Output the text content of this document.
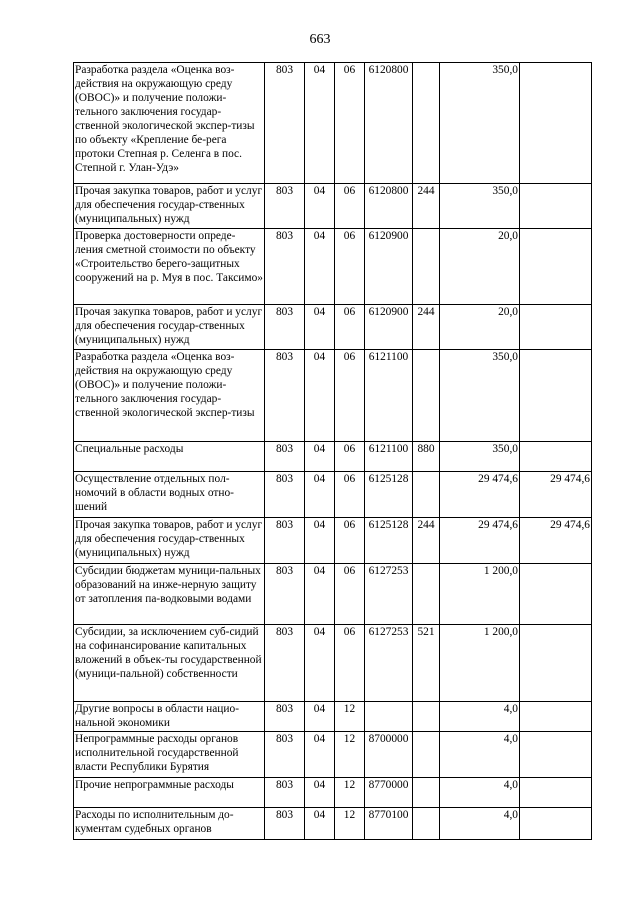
663
Разработка раздела «Оценка воз-действия на окружающую среду (ОВОС)» и получение положи-тельного заключения государ-ственной экологической экспер-тизы по объекту «Крепление бе-рега протоки Степная р. Селенга в пос. Степной г. Улан-Удэ»	803	04	06	6120800		350,0	
Прочая закупка товаров, работ и услуг для обеспечения государ-ственных (муниципальных) нужд	803	04	06	6120800	244	350,0	
Проверка достоверности опреде-ления сметной стоимости по объекту «Строительство берего-защитных сооружений на р. Муя в пос. Таксимо»	803	04	06	6120900		20,0	
Прочая закупка товаров, работ и услуг для обеспечения государ-ственных (муниципальных) нужд	803	04	06	6120900	244	20,0	
Разработка раздела «Оценка воз-действия на окружающую среду (ОВОС)» и получение положи-тельного заключения государ-ственной экологической экспер-тизы	803	04	06	6121100		350,0	
Специальные расходы	803	04	06	6121100	880	350,0	
Осуществление отдельных пол-номочий в области водных отно-шений	803	04	06	6125128		29 474,6	29 474,6
Прочая закупка товаров, работ и услуг для обеспечения государ-ственных (муниципальных) нужд	803	04	06	6125128	244	29 474,6	29 474,6
Субсидии бюджетам муници-пальных образований на инже-нерную защиту от затопления па-водковыми водами	803	04	06	6127253		1 200,0	
Субсидии, за исключением суб-сидий на софинансирование капитальных вложений в объек-ты государственной (муници-пальной) собственности	803	04	06	6127253	521	1 200,0	
Другие вопросы в области нацио-нальной экономики	803	04	12			4,0	
Непрограммные расходы органов исполнительной государственной власти Республики Бурятия	803	04	12	8700000		4,0	
Прочие непрограммные расходы	803	04	12	8770000		4,0	
Расходы по исполнительным до-кументам судебных органов	803	04	12	8770100		4,0	
